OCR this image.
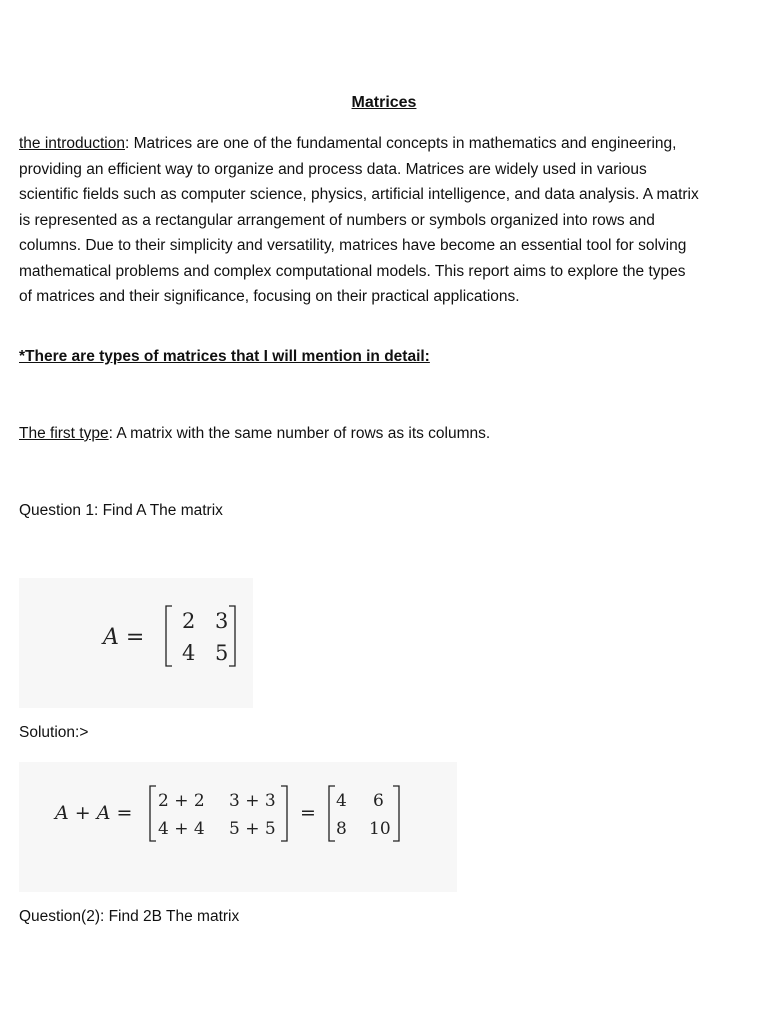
Matrices

the introduction: Matrices are one of the fundamental concepts in mathematics and engineering, providing an efficient way to organize and process data. Matrices are widely used in various scientific fields such as computer science, physics, artificial intelligence, and data analysis. A matrix is represented as a rectangular arrangement of numbers or symbols organized into rows and columns. Due to their simplicity and versatility, matrices have become an essential tool for solving mathematical problems and complex computational models. This report aims to explore the types of matrices and their significance, focusing on their practical applications.

*There are types of matrices that I will mention in detail:
The first type: A matrix with the same number of rows as its columns.
Question 1: Find A The matrix
A =
2 3
4 5
Solution:>
A + A =
2 + 2 3 + 3
4 + 4 5 + 5
=
4 6
8 10
Question(2): Find 2B The matrix
